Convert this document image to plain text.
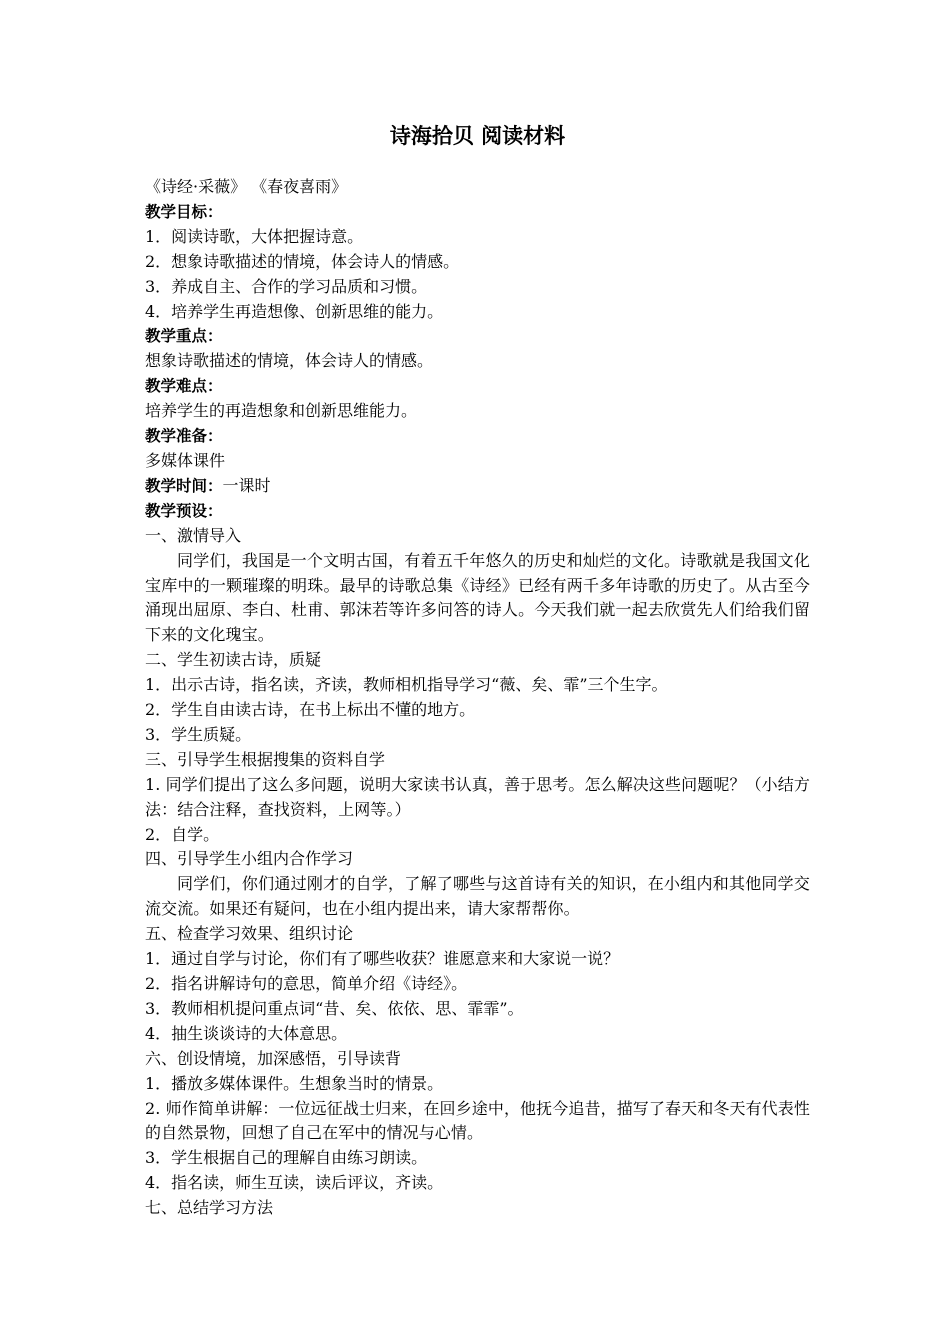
诗海拾贝 阅读材料
《诗经·采薇》 《春夜喜雨》
教学目标：
1．阅读诗歌，大体把握诗意。
2．想象诗歌描述的情境，体会诗人的情感。
3．养成自主、合作的学习品质和习惯。
4．培养学生再造想像、创新思维的能力。
教学重点：
想象诗歌描述的情境，体会诗人的情感。
教学难点：
培养学生的再造想象和创新思维能力。
教学准备：
多媒体课件
教学时间：一课时
教学预设：
一、激情导入

同学们，我国是一个文明古国，有着五千年悠久的历史和灿烂的文化。诗歌就是我国文化宝库中的一颗璀璨的明珠。最早的诗歌总集《诗经》已经有两千多年诗歌的历史了。从古至今涌现出屈原、李白、杜甫、郭沫若等许多问答的诗人。今天我们就一起去欣赏先人们给我们留下来的文化瑰宝。

二、学生初读古诗，质疑
1．出示古诗，指名读，齐读，教师相机指导学习“薇、矣、霏”三个生字。
2．学生自由读古诗，在书上标出不懂的地方。
3．学生质疑。
三、引导学生根据搜集的资料自学

1. 同学们提出了这么多问题，说明大家读书认真，善于思考。怎么解决这些问题呢？（小结方法：结合注释，查找资料，上网等。）

2．自学。
四、引导学生小组内合作学习

同学们，你们通过刚才的自学，了解了哪些与这首诗有关的知识，在小组内和其他同学交流交流。如果还有疑问，也在小组内提出来，请大家帮帮你。

五、检查学习效果、组织讨论
1．通过自学与讨论，你们有了哪些收获？谁愿意来和大家说一说？
2．指名讲解诗句的意思，简单介绍《诗经》。
3．教师相机提问重点词“昔、矣、依依、思、霏霏”。
4．抽生谈谈诗的大体意思。
六、创设情境，加深感悟，引导读背
1．播放多媒体课件。生想象当时的情景。

2. 师作简单讲解：一位远征战士归来，在回乡途中，他抚今追昔，描写了春天和冬天有代表性的自然景物，回想了自己在军中的情况与心情。

3．学生根据自己的理解自由练习朗读。
4．指名读，师生互读，读后评议，齐读。
七、总结学习方法
